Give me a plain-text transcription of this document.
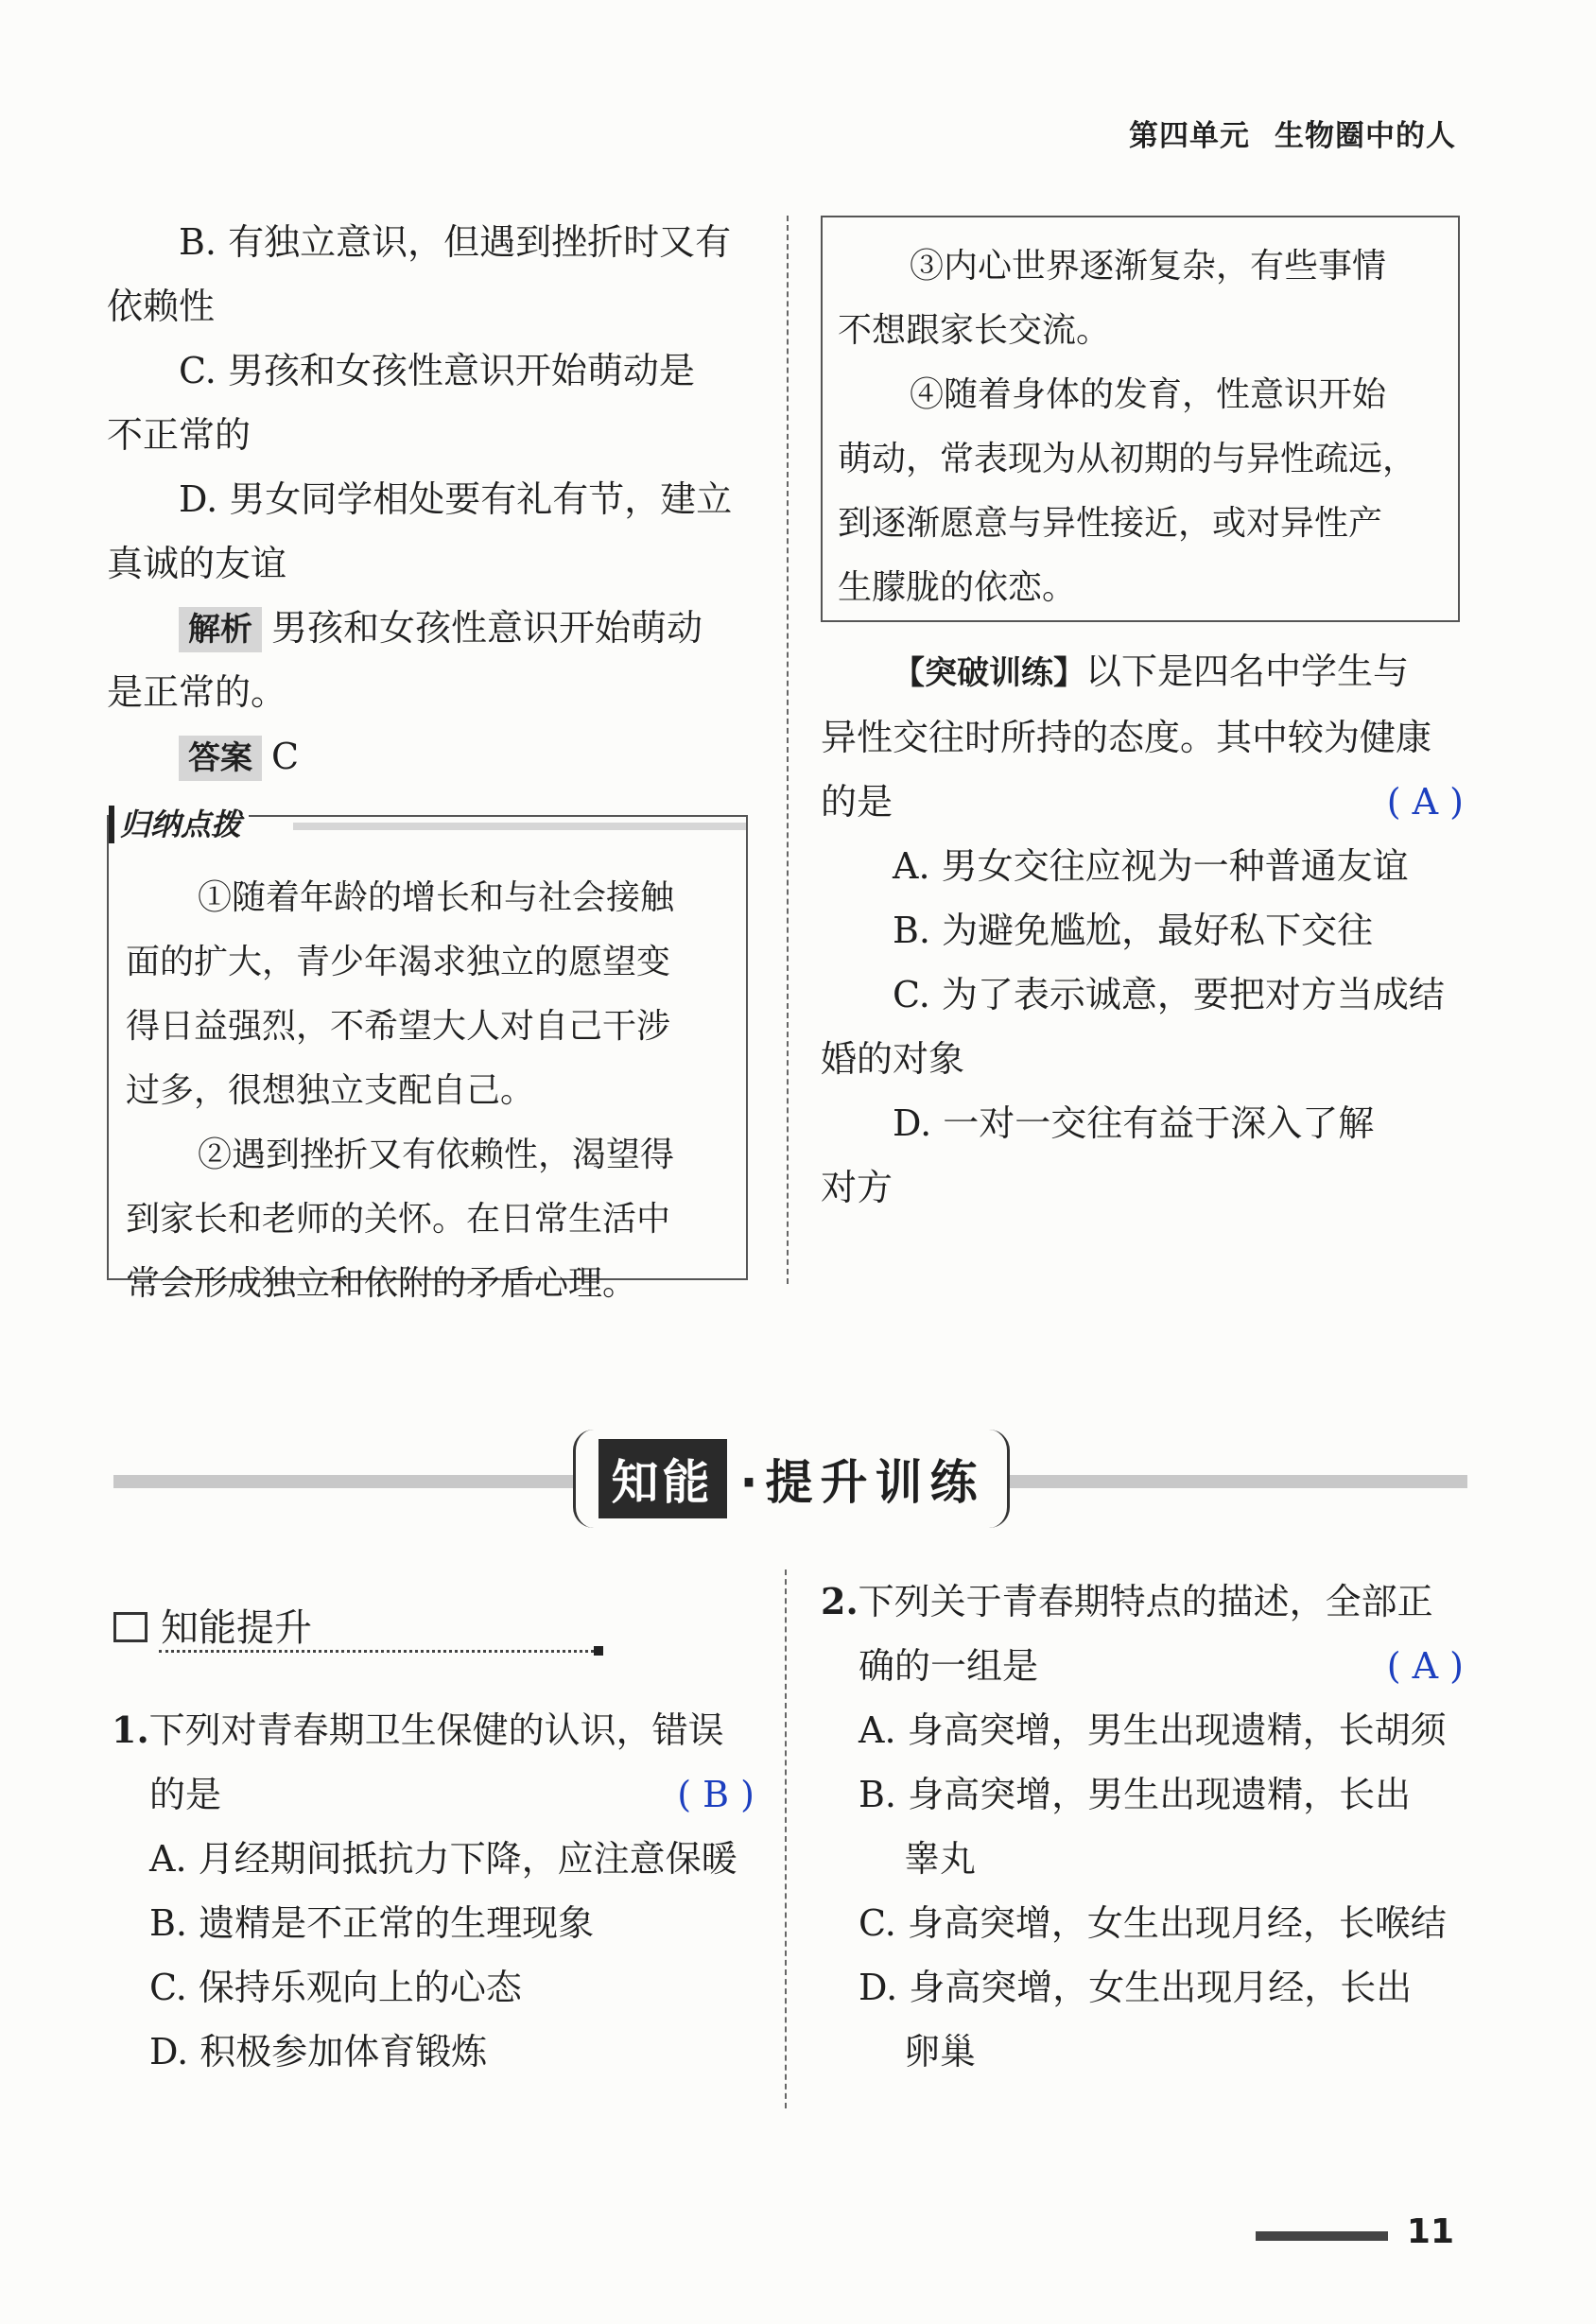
第四单元 生物圈中的人
B. 有独立意识，但遇到挫折时又有
依赖性
C. 男孩和女孩性意识开始萌动是
不正常的
D. 男女同学相处要有礼有节，建立
真诚的友谊
解析 男孩和女孩性意识开始萌动
是正常的。
答案 C
归纳点拨
①随着年龄的增长和与社会接触
面的扩大，青少年渴求独立的愿望变
得日益强烈，不希望大人对自己干涉
过多，很想独立支配自己。
②遇到挫折又有依赖性，渴望得
到家长和老师的关怀。在日常生活中
常会形成独立和依附的矛盾心理。
③内心世界逐渐复杂，有些事情
不想跟家长交流。
④随着身体的发育，性意识开始
萌动，常表现为从初期的与异性疏远，
到逐渐愿意与异性接近，或对异性产
生朦胧的依恋。
【突破训练】以下是四名中学生与
异性交往时所持的态度。其中较为健康
的是	( A )
A. 男女交往应视为一种普通友谊
B. 为避免尴尬，最好私下交往
C. 为了表示诚意，要把对方当成结
婚的对象
D. 一对一交往有益于深入了解
对方
知能 ·提升训练
知能提升
1.下列对青春期卫生保健的认识，错误
的是	( B )
A. 月经期间抵抗力下降，应注意保暖
B. 遗精是不正常的生理现象
C. 保持乐观向上的心态
D. 积极参加体育锻炼
2.下列关于青春期特点的描述，全部正
确的一组是	( A )
A. 身高突增，男生出现遗精，长胡须
B. 身高突增，男生出现遗精，长出
睾丸
C. 身高突增，女生出现月经，长喉结
D. 身高突增，女生出现月经，长出
卵巢
11
